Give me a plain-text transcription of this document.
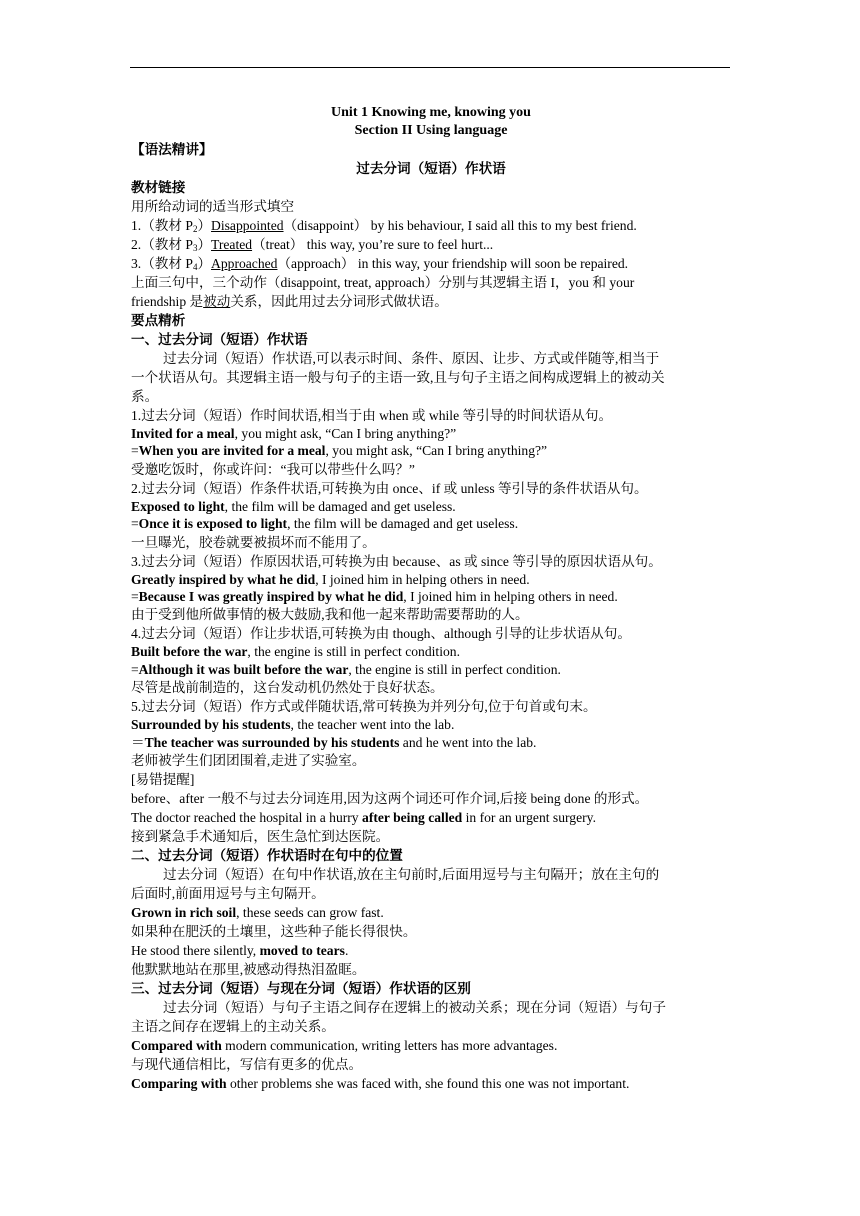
Unit 1 Knowing me, knowing you
Section II Using language
【语法精讲】
过去分词（短语）作状语
教材链接
用所给动词的适当形式填空
1.（教材 $P_2)Disappointed(disappoint)$ by his behaviour, I said all this to my best friend.
2.（教材 $P_3)Treated(treat)$ this way, you’re sure to feel hurt...
3.（教材 $P_4)Approached(approach)$ in this way, your friendship will soon be repaired.
上面三句中，三个动作（disappoint, treat, approach）分别与其逻辑主语 I，you 和 your
friendship 是被动关系，因此用过去分词形式做状语。
要点精析
一、过去分词（短语）作状语
过去分词（短语）作状语,可以表示时间、条件、原因、让步、方式或伴随等,相当于
一个状语从句。其逻辑主语一般与句子的主语一致,且与句子主语之间构成逻辑上的被动关
系。
1.过去分词（短语）作时间状语,相当于由 when 或 while 等引导的时间状语从句。
Invited for a meal, you might ask, “Can I bring anything?”
=When you are invited for a meal, you might ask, “Can I bring anything?”
受邀吃饭时，你或许问：“我可以带些什么吗？”
2.过去分词（短语）作条件状语,可转换为由 once、if 或 unless 等引导的条件状语从句。
Exposed to light, the film will be damaged and get useless.
=Once it is exposed to light, the film will be damaged and get useless.
一旦曝光，胶卷就要被损坏而不能用了。
3.过去分词（短语）作原因状语,可转换为由 because、as 或 since 等引导的原因状语从句。
Greatly inspired by what he did, I joined him in helping others in need.
=Because I was greatly inspired by what he did, I joined him in helping others in need.
由于受到他所做事情的极大鼓励,我和他一起来帮助需要帮助的人。
4.过去分词（短语）作让步状语,可转换为由 though、although 引导的让步状语从句。
Built before the war, the engine is still in perfect condition.
=Although it was built before the war, the engine is still in perfect condition.
尽管是战前制造的，这台发动机仍然处于良好状态。
5.过去分词（短语）作方式或伴随状语,常可转换为并列分句,位于句首或句末。
Surrounded by his students, the teacher went into the lab.
＝The teacher was surrounded by his students and he went into the lab.
老师被学生们团团围着,走进了实验室。
[易错提醒]
before、after 一般不与过去分词连用,因为这两个词还可作介词,后接 being done 的形式。
The doctor reached the hospital in a hurry after being called in for an urgent surgery.
接到紧急手术通知后，医生急忙到达医院。
二、过去分词（短语）作状语时在句中的位置
过去分词（短语）在句中作状语,放在主句前时,后面用逗号与主句隔开；放在主句的
后面时,前面用逗号与主句隔开。
Grown in rich soil, these seeds can grow fast.
如果种在肥沃的土壤里，这些种子能长得很快。
He stood there silently, moved to tears.
他默默地站在那里,被感动得热泪盈眶。
三、过去分词（短语）与现在分词（短语）作状语的区别
过去分词（短语）与句子主语之间存在逻辑上的被动关系；现在分词（短语）与句子
主语之间存在逻辑上的主动关系。
Compared with modern communication, writing letters has more advantages.
与现代通信相比，写信有更多的优点。
Comparing with other problems she was faced with, she found this one was not important.
